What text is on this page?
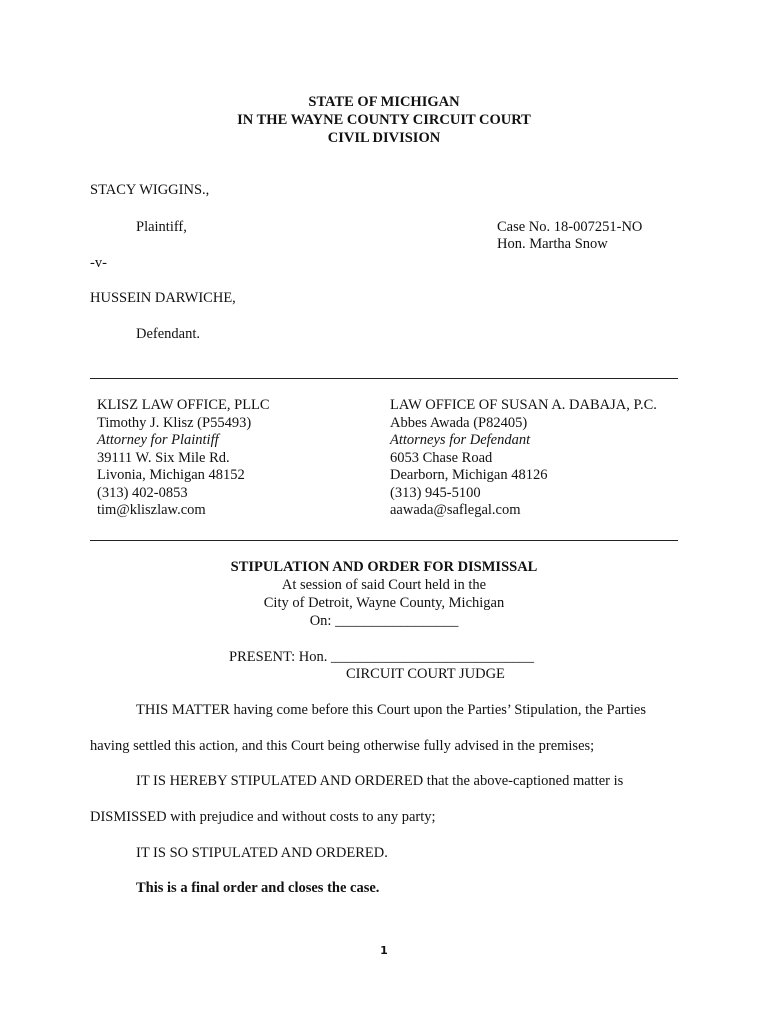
STATE OF MICHIGAN
IN THE WAYNE COUNTY CIRCUIT COURT
CIVIL DIVISION
STACY WIGGINS.,
Plaintiff,	Case No. 18-007251-NO
Hon. Martha Snow
-v-
HUSSEIN DARWICHE,
Defendant.
KLISZ LAW OFFICE, PLLC
Timothy J. Klisz (P55493)
Attorney for Plaintiff
39111 W. Six Mile Rd.
Livonia, Michigan 48152
(313) 402-0853
tim@kliszlaw.com
LAW OFFICE OF SUSAN A. DABAJA, P.C.
Abbes Awada (P82405)
Attorneys for Defendant
6053 Chase Road
Dearborn, Michigan 48126
(313) 945-5100
aawada@saflegal.com
STIPULATION AND ORDER FOR DISMISSAL
At session of said Court held in the
City of Detroit, Wayne County, Michigan
On: _________________
PRESENT: Hon. ____________________________
CIRCUIT COURT JUDGE
THIS MATTER having come before this Court upon the Parties’ Stipulation, the Parties
having settled this action, and this Court being otherwise fully advised in the premises;
IT IS HEREBY STIPULATED AND ORDERED that the above-captioned matter is
DISMISSED with prejudice and without costs to any party;
IT IS SO STIPULATED AND ORDERED.
This is a final order and closes the case.
1
